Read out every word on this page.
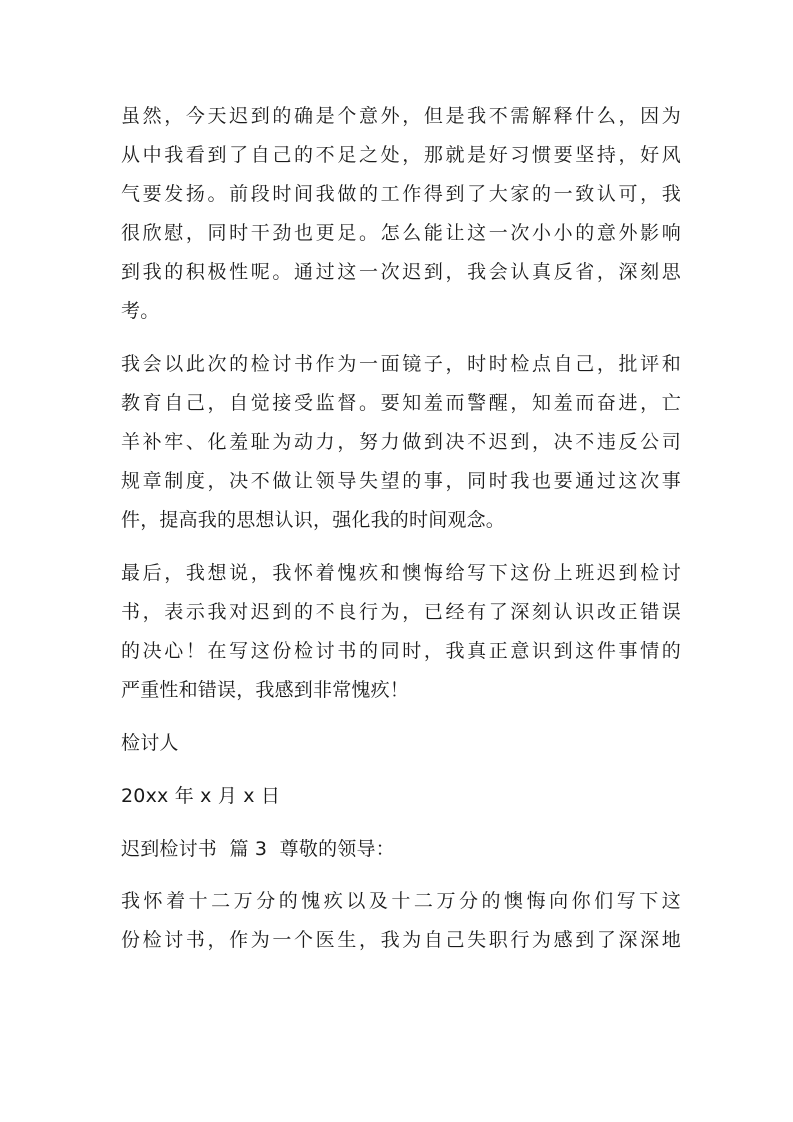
虽然，今天迟到的确是个意外，但是我不需解释什么，因为
从中我看到了自己的不足之处，那就是好习惯要坚持，好风
气要发扬。前段时间我做的工作得到了大家的一致认可，我
很欣慰，同时干劲也更足。怎么能让这一次小小的意外影响
到我的积极性呢。通过这一次迟到，我会认真反省，深刻思
考。
我会以此次的检讨书作为一面镜子，时时检点自己，批评和
教育自己，自觉接受监督。要知羞而警醒，知羞而奋进，亡
羊补牢、化羞耻为动力，努力做到决不迟到，决不违反公司
规章制度，决不做让领导失望的事，同时我也要通过这次事
件，提高我的思想认识，强化我的时间观念。
最后，我想说，我怀着愧疚和懊悔给写下这份上班迟到检讨
书，表示我对迟到的不良行为，已经有了深刻认识改正错误
的决心！在写这份检讨书的同时，我真正意识到这件事情的
严重性和错误，我感到非常愧疚！
检讨人
20xx 年 x 月 x 日
迟到检讨书  篇 3  尊敬的领导：
我怀着十二万分的愧疚以及十二万分的懊悔向你们写下这
份检讨书，作为一个医生，我为自己失职行为感到了深深地
